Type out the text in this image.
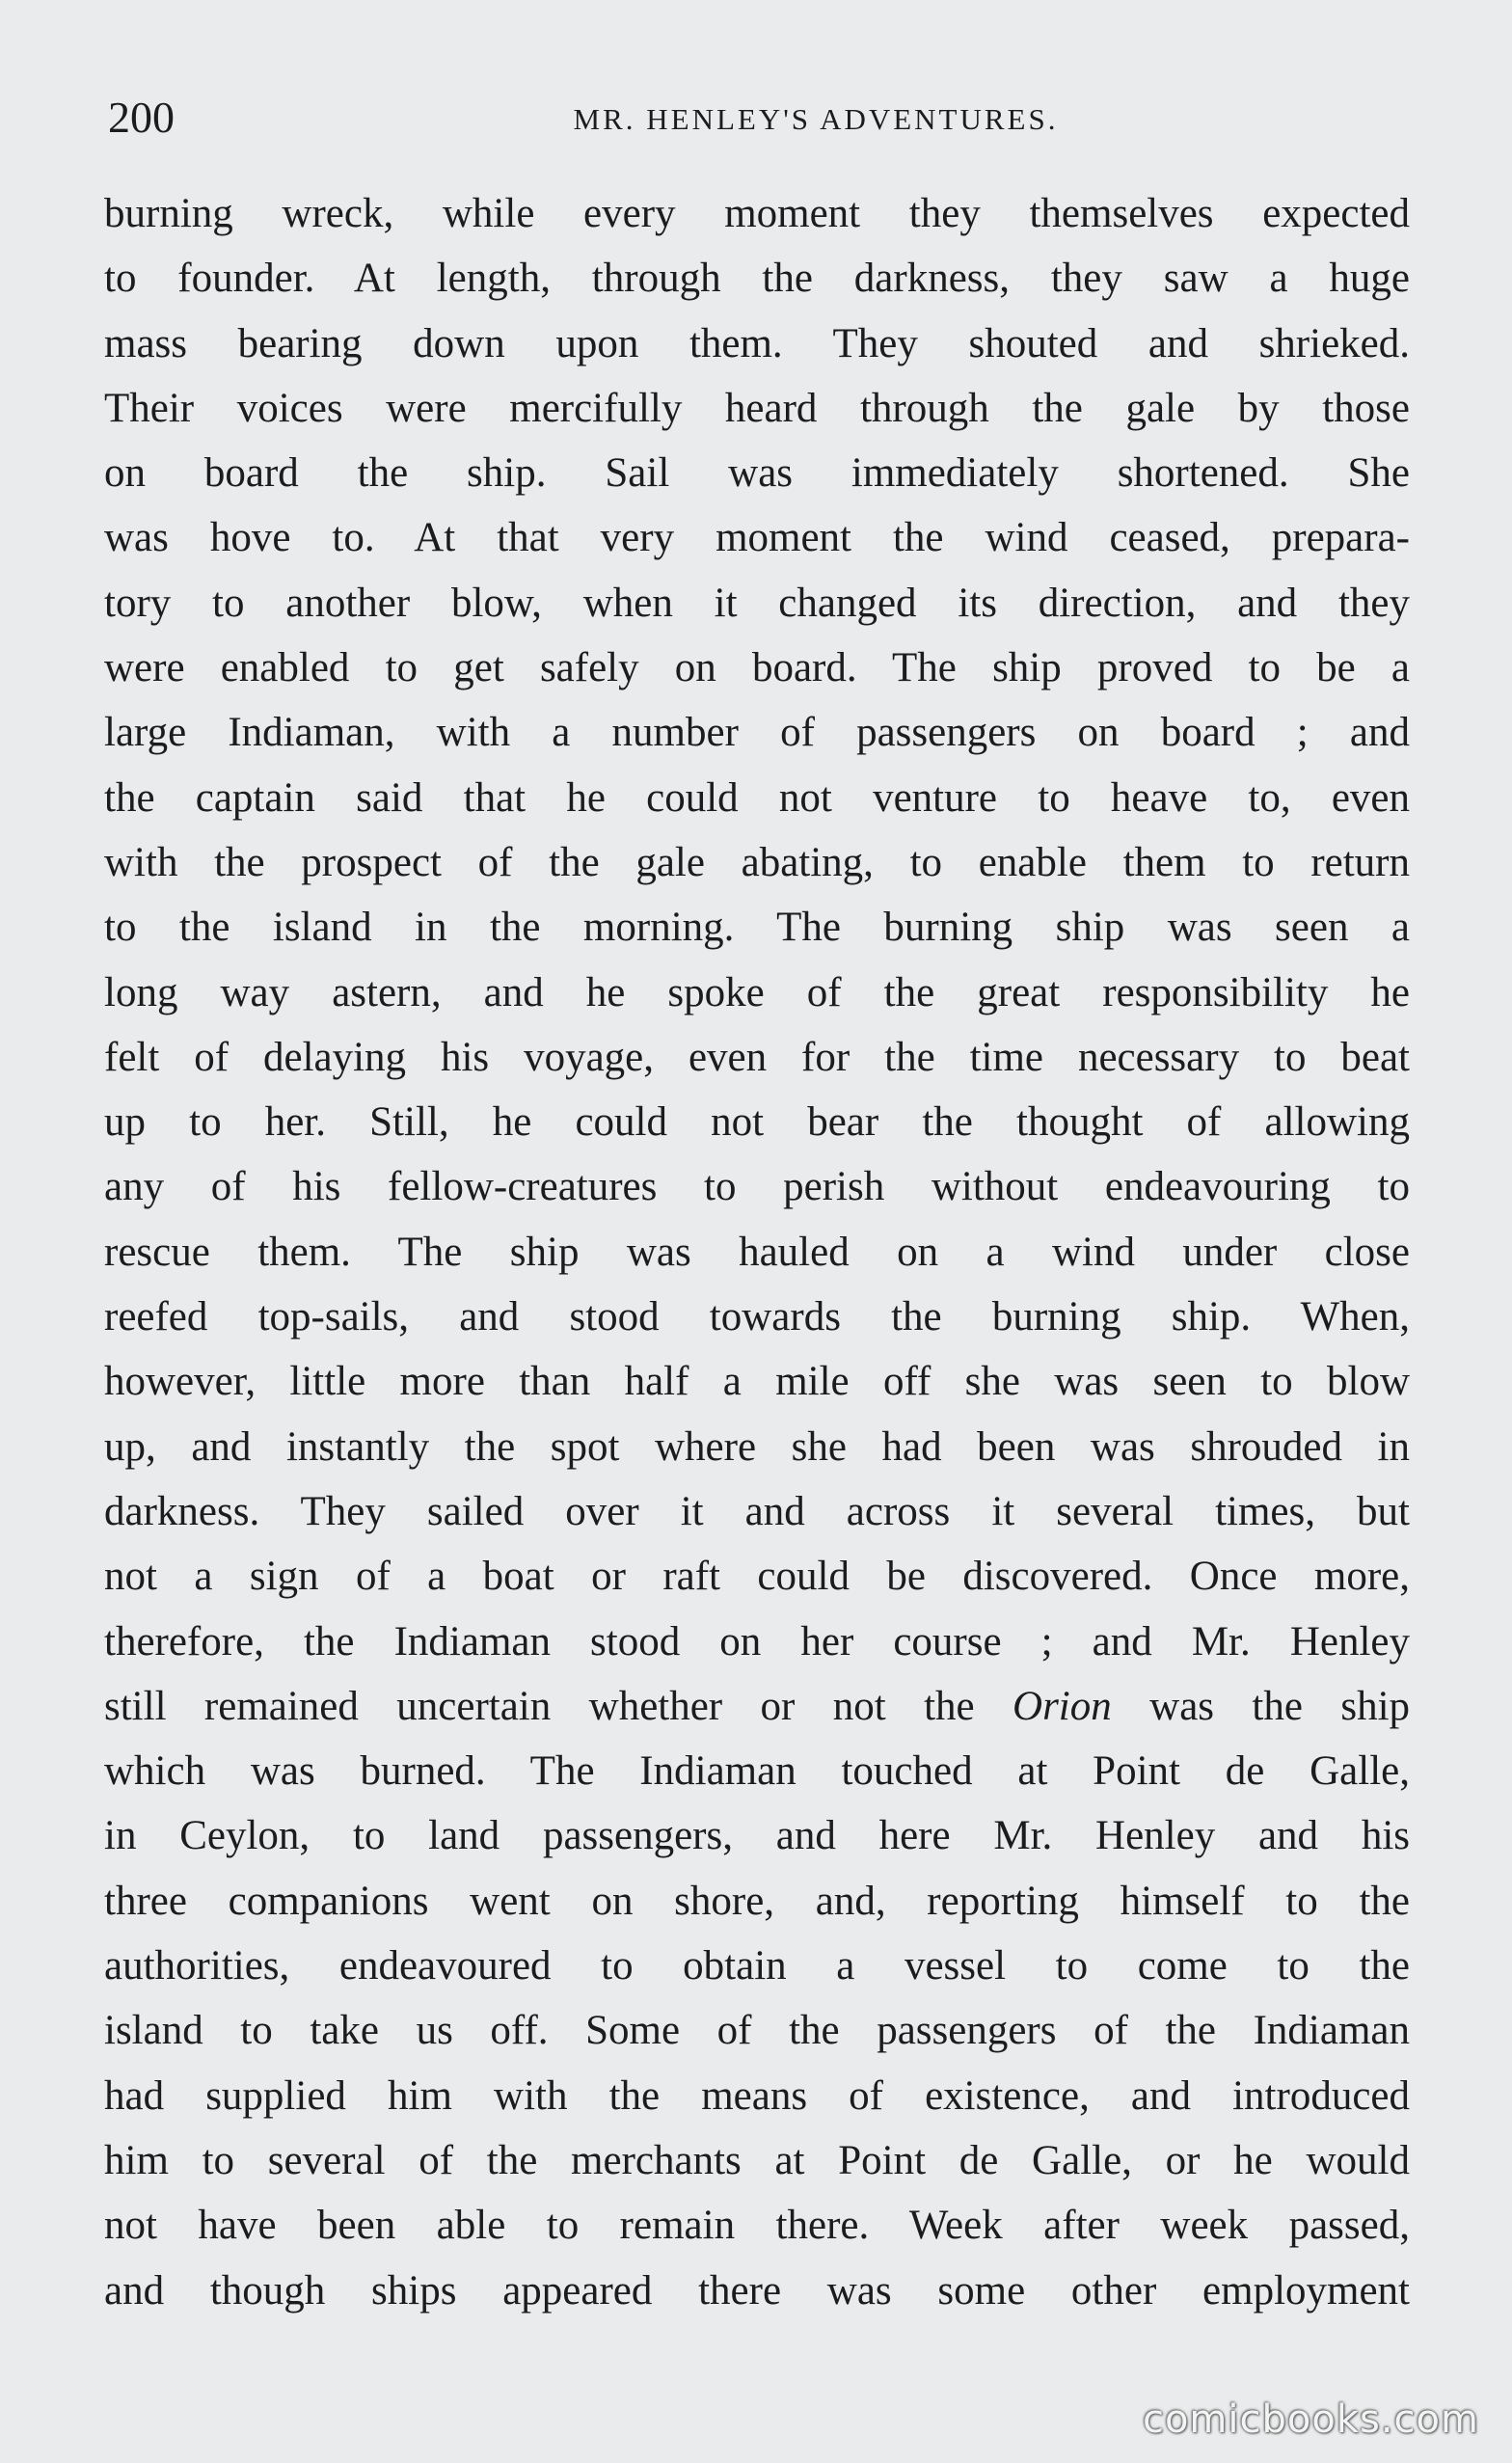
200	MR. HENLEY'S ADVENTURES.
burning wreck, while every moment they themselves expected
to founder. At length, through the darkness, they saw a huge
mass bearing down upon them. They shouted and shrieked.
Their voices were mercifully heard through the gale by those
on board the ship. Sail was immediately shortened. She
was hove to. At that very moment the wind ceased, prepara-
tory to another blow, when it changed its direction, and they
were enabled to get safely on board. The ship proved to be a
large Indiaman, with a number of passengers on board ; and
the captain said that he could not venture to heave to, even
with the prospect of the gale abating, to enable them to return
to the island in the morning. The burning ship was seen a
long way astern, and he spoke of the great responsibility he
felt of delaying his voyage, even for the time necessary to beat
up to her. Still, he could not bear the thought of allowing
any of his fellow-creatures to perish without endeavouring to
rescue them. The ship was hauled on a wind under close
reefed top-sails, and stood towards the burning ship. When,
however, little more than half a mile off she was seen to blow
up, and instantly the spot where she had been was shrouded in
darkness. They sailed over it and across it several times, but
not a sign of a boat or raft could be discovered. Once more,
therefore, the Indiaman stood on her course ; and Mr. Henley
still remained uncertain whether or not the Orion was the ship
which was burned. The Indiaman touched at Point de Galle,
in Ceylon, to land passengers, and here Mr. Henley and his
three companions went on shore, and, reporting himself to the
authorities, endeavoured to obtain a vessel to come to the
island to take us off. Some of the passengers of the Indiaman
had supplied him with the means of existence, and introduced
him to several of the merchants at Point de Galle, or he would
not have been able to remain there. Week after week passed,
and though ships appeared there was some other employment
comicbooks.com
